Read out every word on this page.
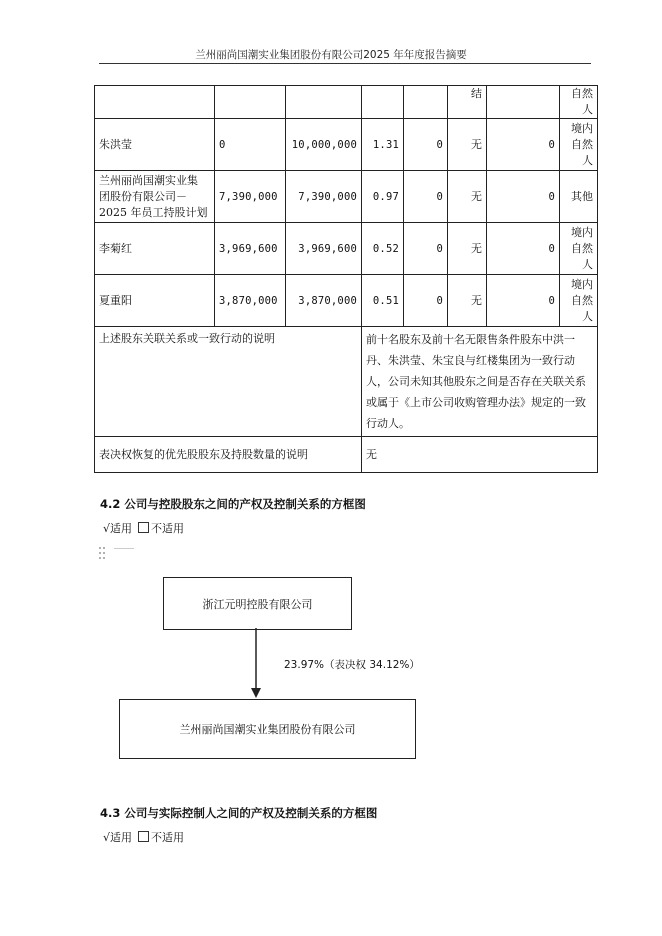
兰州丽尚国潮实业集团股份有限公司2025 年年度报告摘要
					结		自然
人

朱洪莹	0	10,000,000	1.31	0	无	0	境内
自然
人

兰州丽尚国潮实业集
团股份有限公司－
2025 年员工持股计划	7,390,000	7,390,000	0.97	0	无	0	其他

李菊红	3,969,600	3,969,600	0.52	0	无	0	境内
自然
人

夏重阳	3,870,000	3,870,000	0.51	0	无	0	境内
自然
人

上述股东关联关系或一致行动的说明			前十名股东及前十名无限售条件股东中洪一丹、朱洪莹、朱宝良与红楼集团为一致行动人，公司未知其他股东之间是否存在关联关系或属于《上市公司收购管理办法》规定的一致行动人。				
表决权恢复的优先股股东及持股数量的说明			无				
4.2 公司与控股股东之间的产权及控制关系的方框图
√适用 不适用
浙江元明控股有限公司
23.97%（表决权 34.12%）
兰州丽尚国潮实业集团股份有限公司
4.3 公司与实际控制人之间的产权及控制关系的方框图
√适用 不适用
